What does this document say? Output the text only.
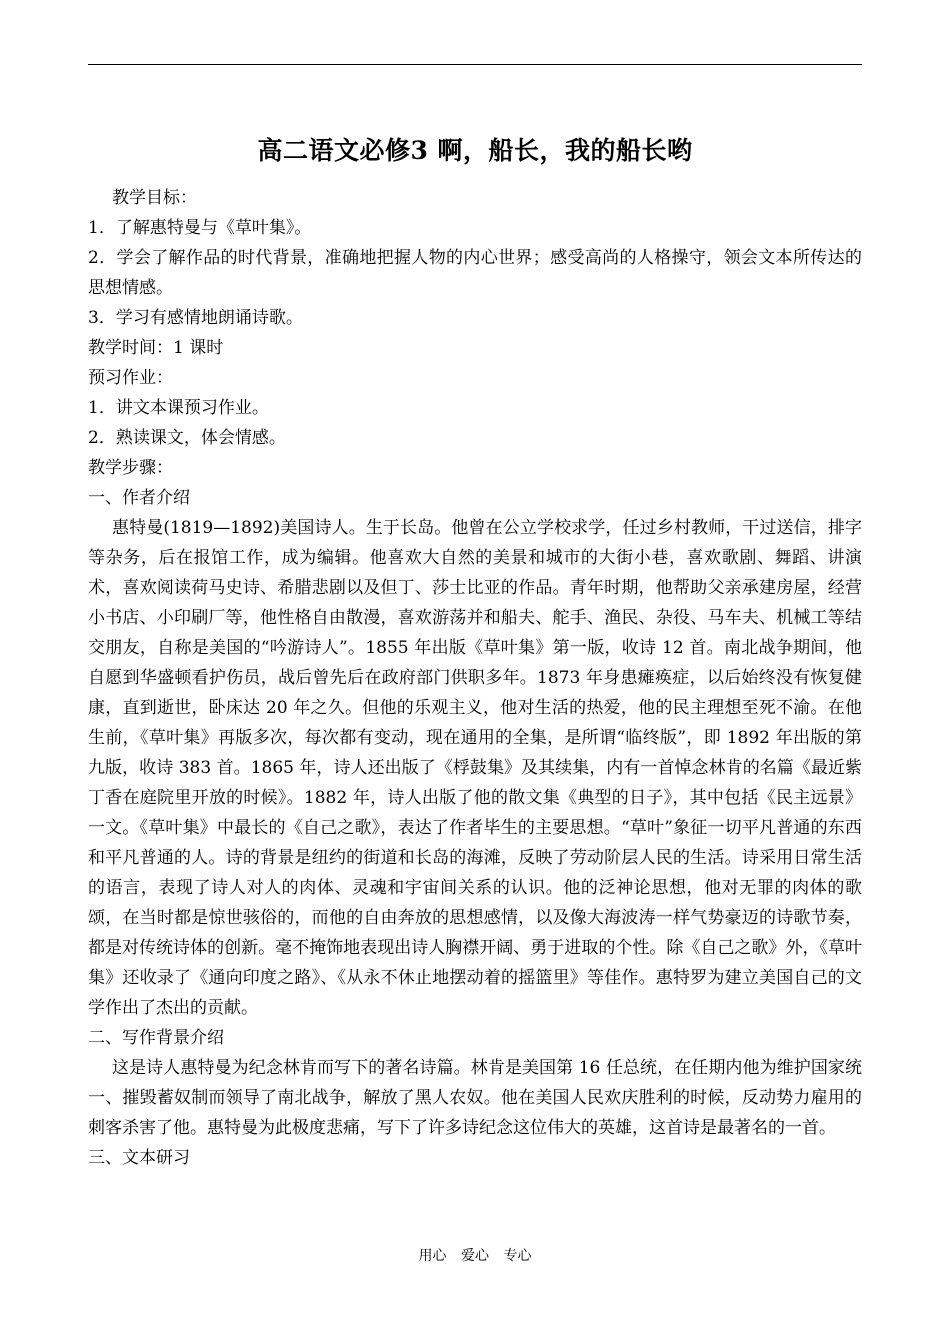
高二语文必修3 啊，船长，我的船长哟

教学目标：

1．了解惠特曼与《草叶集》。

2．学会了解作品的时代背景，准确地把握人物的内心世界；感受高尚的人格操守，领会文本所传达的思想情感。

3．学习有感情地朗诵诗歌。

教学时间：1 课时

预习作业：

1．讲文本课预习作业。

2．熟读课文，体会情感。

教学步骤：

一、作者介绍

惠特曼(1819—1892)美国诗人。生于长岛。他曾在公立学校求学，任过乡村教师，干过送信，排字等杂务，后在报馆工作，成为编辑。他喜欢大自然的美景和城市的大街小巷，喜欢歌剧、舞蹈、讲演术，喜欢阅读荷马史诗、希腊悲剧以及但丁、莎士比亚的作品。青年时期，他帮助父亲承建房屋，经营小书店、小印刷厂等，他性格自由散漫，喜欢游荡并和船夫、舵手、渔民、杂役、马车夫、机械工等结交朋友，自称是美国的“吟游诗人”。1855 年出版《草叶集》第一版，收诗 12 首。南北战争期间，他自愿到华盛顿看护伤员，战后曾先后在政府部门供职多年。1873 年身患瘫痪症，以后始终没有恢复健康，直到逝世，卧床达 20 年之久。但他的乐观主义，他对生活的热爱，他的民主理想至死不渝。在他生前，《草叶集》再版多次，每次都有变动，现在通用的全集，是所谓“临终版”，即 1892 年出版的第九版，收诗 383 首。1865 年，诗人还出版了《桴鼓集》及其续集，内有一首悼念林肯的名篇《最近紫丁香在庭院里开放的时候》。1882 年，诗人出版了他的散文集《典型的日子》，其中包括《民主远景》一文。《草叶集》中最长的《自己之歌》，表达了作者毕生的主要思想。“草叶”象征一切平凡普通的东西和平凡普通的人。诗的背景是纽约的街道和长岛的海滩，反映了劳动阶层人民的生活。诗采用日常生活的语言，表现了诗人对人的肉体、灵魂和宇宙间关系的认识。他的泛神论思想，他对无罪的肉体的歌颂，在当时都是惊世骇俗的，而他的自由奔放的思想感情，以及像大海波涛一样气势豪迈的诗歌节奏，都是对传统诗体的创新。毫不掩饰地表现出诗人胸襟开阔、勇于进取的个性。除《自己之歌》外，《草叶集》还收录了《通向印度之路》、《从永不休止地摆动着的摇篮里》等佳作。惠特罗为建立美国自己的文学作出了杰出的贡献。

二、写作背景介绍

这是诗人惠特曼为纪念林肯而写下的著名诗篇。林肯是美国第 16 任总统，在任期内他为维护国家统一、摧毁蓄奴制而领导了南北战争，解放了黑人农奴。他在美国人民欢庆胜利的时候，反动势力雇用的刺客杀害了他。惠特曼为此极度悲痛，写下了许多诗纪念这位伟大的英雄，这首诗是最著名的一首。

三、文本研习

用心 爱心 专心
